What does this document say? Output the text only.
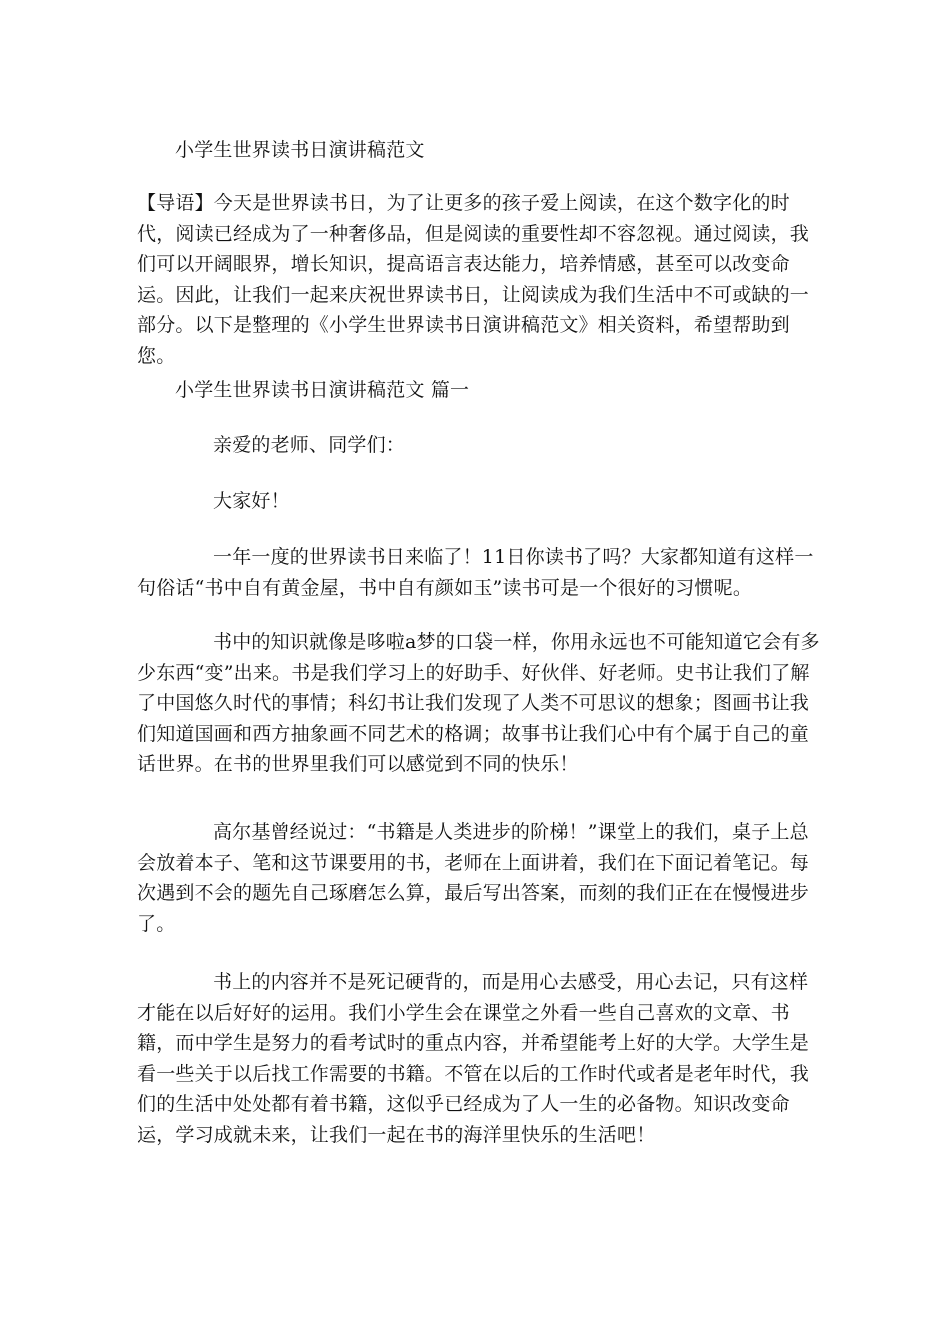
小学生世界读书日演讲稿范文

【导语】今天是世界读书日，为了让更多的孩子爱上阅读，在这个数字化的时代，阅读已经成为了一种奢侈品，但是阅读的重要性却不容忽视。通过阅读，我们可以开阔眼界，增长知识，提高语言表达能力，培养情感，甚至可以改变命运。因此，让我们一起来庆祝世界读书日，让阅读成为我们生活中不可或缺的一部分。以下是整理的《小学生世界读书日演讲稿范文》相关资料，希望帮助到您。

小学生世界读书日演讲稿范文 篇一

亲爱的老师、同学们：

大家好！

一年一度的世界读书日来临了！11日你读书了吗？大家都知道有这样一句俗话“书中自有黄金屋，书中自有颜如玉”读书可是一个很好的习惯呢。

书中的知识就像是哆啦a梦的口袋一样，你用永远也不可能知道它会有多少东西“变”出来。书是我们学习上的好助手、好伙伴、好老师。史书让我们了解了中国悠久时代的事情；科幻书让我们发现了人类不可思议的想象；图画书让我们知道国画和西方抽象画不同艺术的格调；故事书让我们心中有个属于自己的童话世界。在书的世界里我们可以感觉到不同的快乐！

高尔基曾经说过：“书籍是人类进步的阶梯！”课堂上的我们，桌子上总会放着本子、笔和这节课要用的书，老师在上面讲着，我们在下面记着笔记。每次遇到不会的题先自己琢磨怎么算，最后写出答案，而刻的我们正在在慢慢进步了。

书上的内容并不是死记硬背的，而是用心去感受，用心去记，只有这样才能在以后好好的运用。我们小学生会在课堂之外看一些自己喜欢的文章、书籍，而中学生是努力的看考试时的重点内容，并希望能考上好的大学。大学生是看一些关于以后找工作需要的书籍。不管在以后的工作时代或者是老年时代，我们的生活中处处都有着书籍，这似乎已经成为了人一生的必备物。知识改变命运，学习成就未来，让我们一起在书的海洋里快乐的生活吧！
